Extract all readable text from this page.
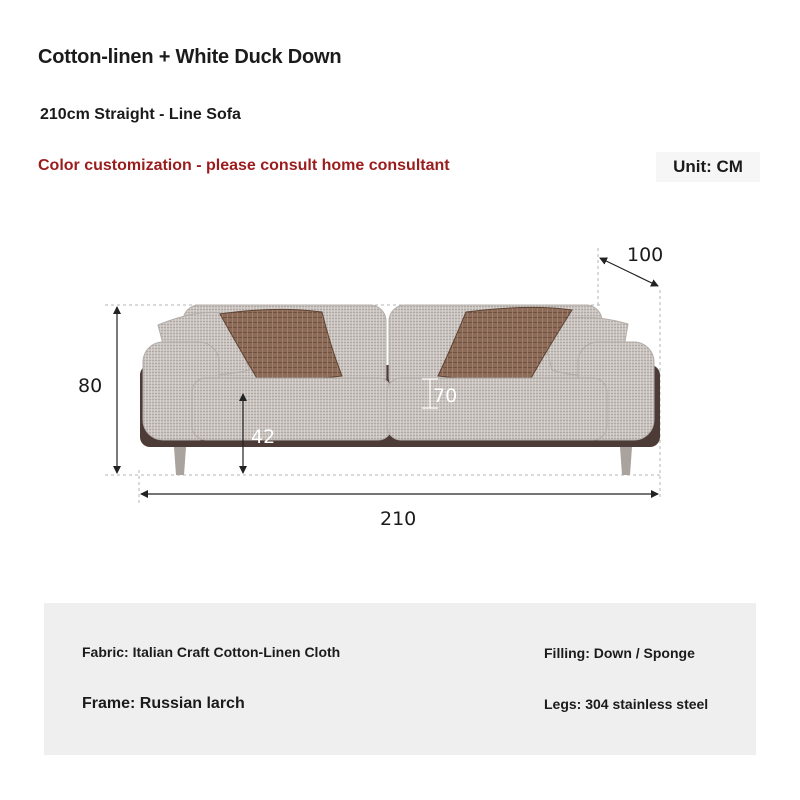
Cotton-linen + White Duck Down
210cm Straight - Line Sofa
Color customization - please consult home consultant	Unit: CM
100
80	70
42
210
Fabric: Italian Craft Cotton-Linen Cloth	Filling: Down / Sponge
Frame: Russian larch	Legs: 304 stainless steel
